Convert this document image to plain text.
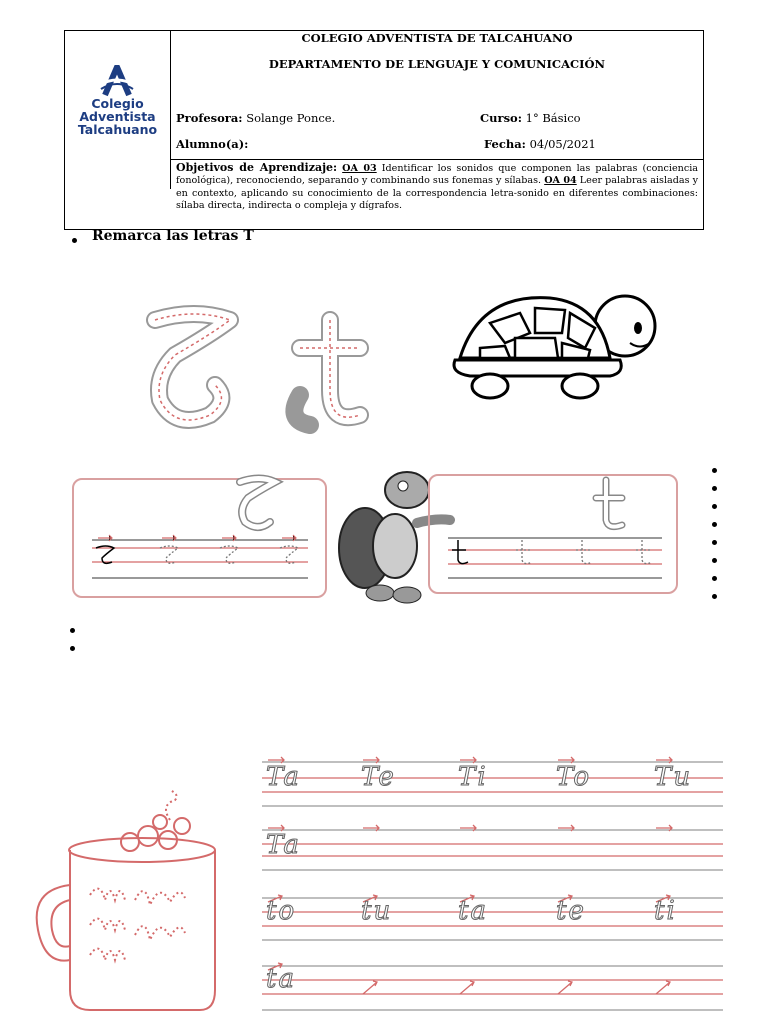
Colegio
Adventista
Talcahuano
COLEGIO ADVENTISTA DE TALCAHUANO
DEPARTAMENTO DE LENGUAJE Y COMUNICACIÓN
Profesora: Solange Ponce.	Curso: 1° Básico
Alumno(a):	Fecha: 04/05/2021
Objetivos de Aprendizaje: OA 03 Identificar los sonidos que componen las palabras (conciencia fonológica), reconociendo, separando y combinando sus fonemas y sílabas. OA 04 Leer palabras aisladas y en contexto, aplicando su conocimiento de la correspondencia letra-sonido en diferentes combinaciones: sílaba directa, indirecta o compleja y dígrafos.
Remarca las letras T
Ta Te Ti	To Tu
Ta
to tu	ta	te	ti
ta
